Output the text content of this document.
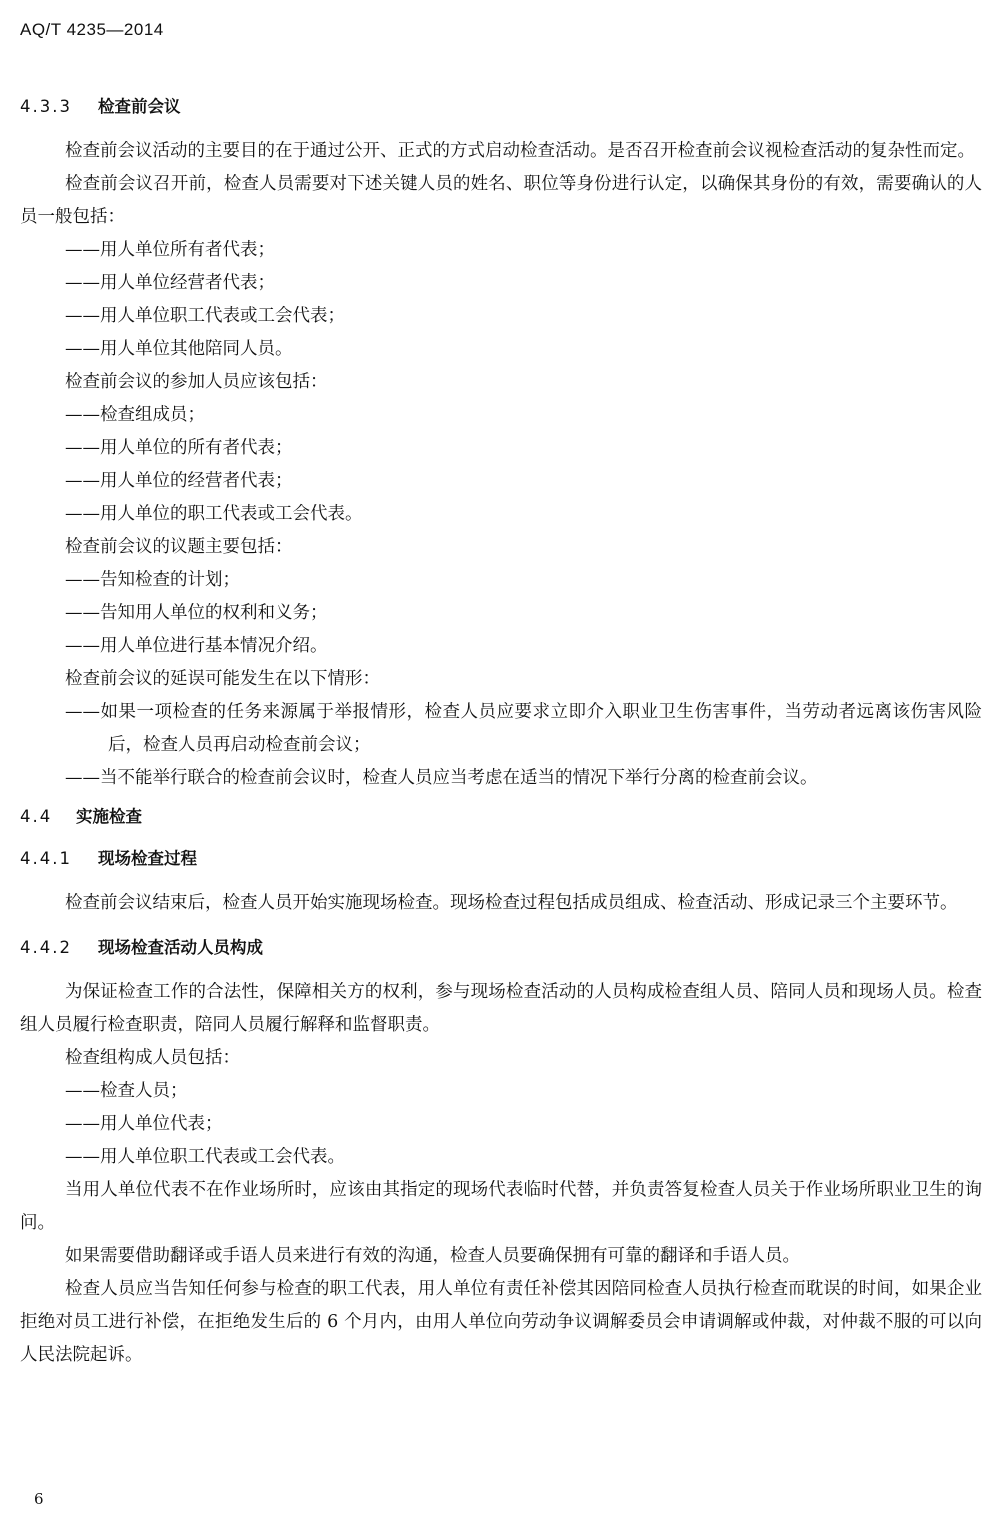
AQ/T 4235—2014
4.3.3 检查前会议

检查前会议活动的主要目的在于通过公开、正式的方式启动检查活动。是否召开检查前会议视检查活动的复杂性而定。

检查前会议召开前，检查人员需要对下述关键人员的姓名、职位等身份进行认定，以确保其身份的有效，需要确认的人员一般包括：

——用人单位所有者代表；

——用人单位经营者代表；

——用人单位职工代表或工会代表；

——用人单位其他陪同人员。

检查前会议的参加人员应该包括：

——检查组成员；

——用人单位的所有者代表；

——用人单位的经营者代表；

——用人单位的职工代表或工会代表。

检查前会议的议题主要包括：

——告知检查的计划；

——告知用人单位的权利和义务；

——用人单位进行基本情况介绍。

检查前会议的延误可能发生在以下情形：

——如果一项检查的任务来源属于举报情形，检查人员应要求立即介入职业卫生伤害事件，当劳动者远离该伤害风险后，检查人员再启动检查前会议；

——当不能举行联合的检查前会议时，检查人员应当考虑在适当的情况下举行分离的检查前会议。

4.4 实施检查
4.4.1 现场检查过程

检查前会议结束后，检查人员开始实施现场检查。现场检查过程包括成员组成、检查活动、形成记录三个主要环节。

4.4.2 现场检查活动人员构成

为保证检查工作的合法性，保障相关方的权利，参与现场检查活动的人员构成检查组人员、陪同人员和现场人员。检查组人员履行检查职责，陪同人员履行解释和监督职责。

检查组构成人员包括：

——检查人员；

——用人单位代表；

——用人单位职工代表或工会代表。

当用人单位代表不在作业场所时，应该由其指定的现场代表临时代替，并负责答复检查人员关于作业场所职业卫生的询问。

如果需要借助翻译或手语人员来进行有效的沟通，检查人员要确保拥有可靠的翻译和手语人员。

检查人员应当告知任何参与检查的职工代表，用人单位有责任补偿其因陪同检查人员执行检查而耽误的时间，如果企业拒绝对员工进行补偿，在拒绝发生后的 6 个月内，由用人单位向劳动争议调解委员会申请调解或仲裁，对仲裁不服的可以向人民法院起诉。

6
